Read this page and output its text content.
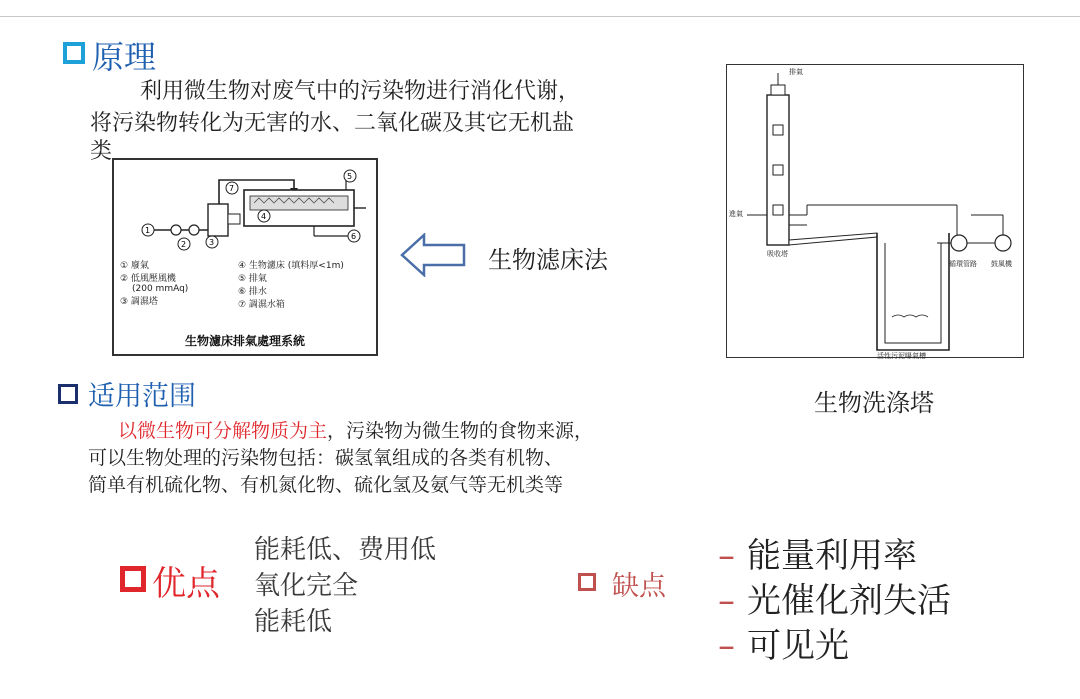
原理
利用微生物对废气中的污染物进行消化代谢，
将污染物转化为无害的水、二氧化碳及其它无机盐
类
7
5
4
1
2	3
6
① 廢氣
② 低風壓風機
(200 mmAq)
③ 調濕塔
④ 生物濾床 (填料厚<1m)
⑤ 排氣
⑥ 排水
⑦ 調濕水箱
生物濾床排氣處理系統
生物滤床法
排氣
進氣
吸收塔
循環管路 鼓風機
活性污泥曝氣槽
生物洗涤塔
适用范围
以微生物可分解物质为主，污染物为微生物的食物来源，
可以生物处理的污染物包括：碳氢氧组成的各类有机物、
简单有机硫化物、有机氮化物、硫化氢及氨气等无机类等
优点
能耗低、费用低
氧化完全
能耗低
缺点
– 能量利用率
– 光催化剂失活
– 可见光
